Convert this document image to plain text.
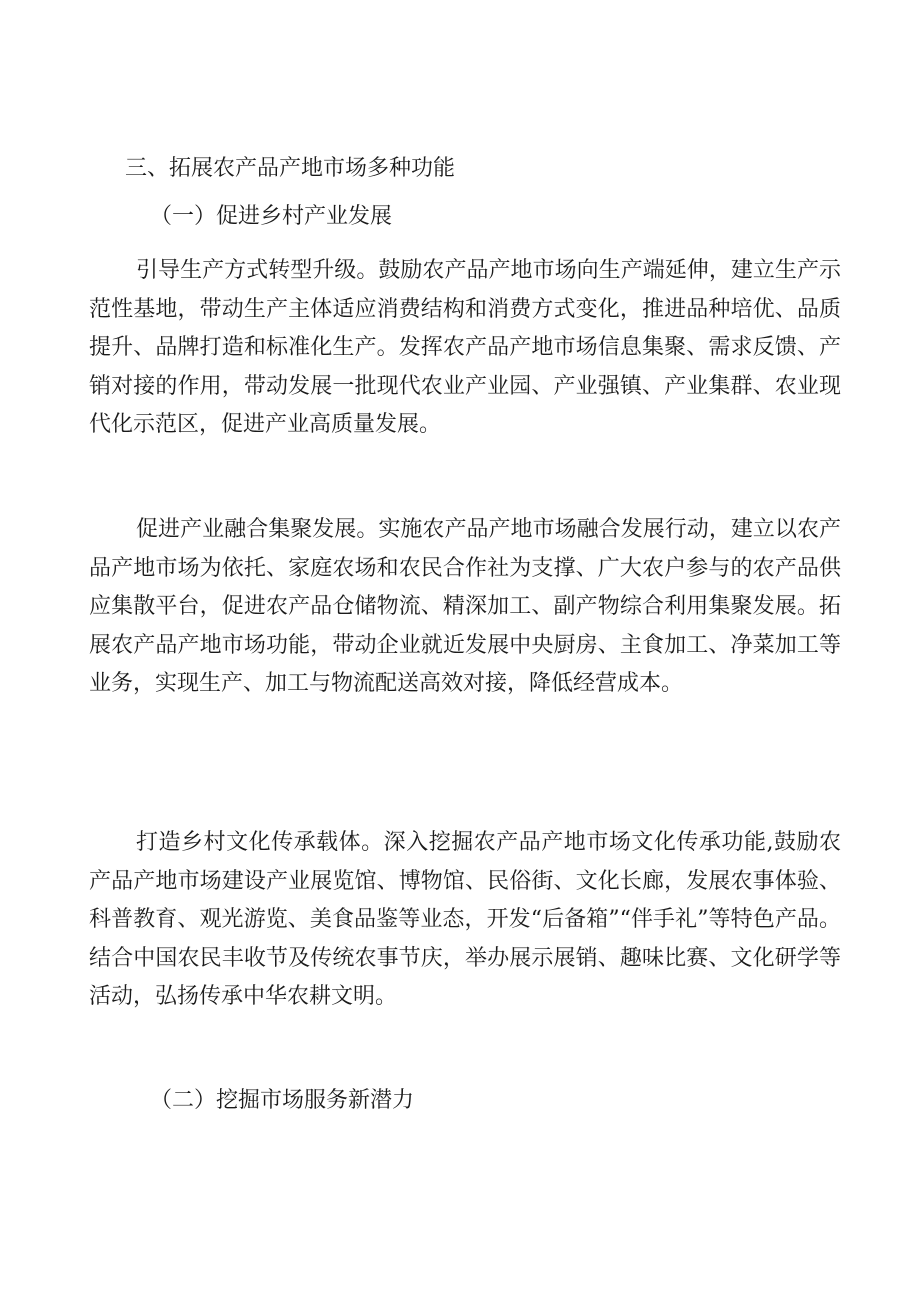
三、拓展农产品产地市场多种功能
（一）促进乡村产业发展

引导生产方式转型升级。鼓励农产品产地市场向生产端延伸，建立生产示范性基地，带动生产主体适应消费结构和消费方式变化，推进品种培优、品质提升、品牌打造和标准化生产。发挥农产品产地市场信息集聚、需求反馈、产销对接的作用，带动发展一批现代农业产业园、产业强镇、产业集群、农业现代化示范区，促进产业高质量发展。

促进产业融合集聚发展。实施农产品产地市场融合发展行动，建立以农产品产地市场为依托、家庭农场和农民合作社为支撑、广大农户参与的农产品供应集散平台，促进农产品仓储物流、精深加工、副产物综合利用集聚发展。拓展农产品产地市场功能，带动企业就近发展中央厨房、主食加工、净菜加工等业务，实现生产、加工与物流配送高效对接，降低经营成本。

打造乡村文化传承载体。深入挖掘农产品产地市场文化传承功能,鼓励农产品产地市场建设产业展览馆、博物馆、民俗街、文化长廊，发展农事体验、科普教育、观光游览、美食品鉴等业态，开发“后备箱”“伴手礼”等特色产品。结合中国农民丰收节及传统农事节庆，举办展示展销、趣味比赛、文化研学等活动，弘扬传承中华农耕文明。

（二）挖掘市场服务新潜力
